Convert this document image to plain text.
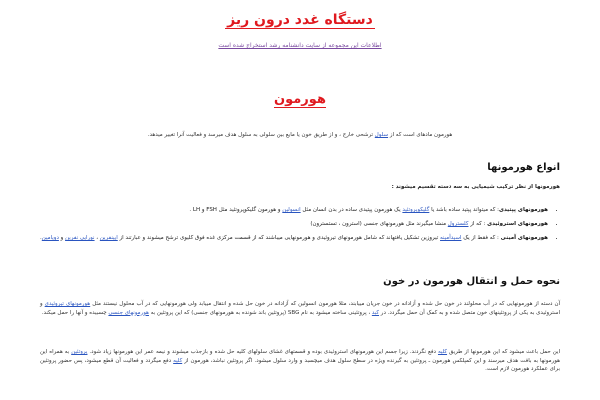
دستگاه غدد درون ریز
اطلاعات این مجموعه از سایت دانشنامه رشد استخراج شده است
هورمون

هورمون مادهای است که از سلول ترشحی خارج ، و از طریق خون یا مایع بین سلولی به سلول هدف میرسد و فعالیت آنرا تغییر میدهد.

انواع هورمونها
هورمونها از نظر ترکیب شیمیایی به سه دسته تقسیم میشوند :
• هورمونهای پپتیدی: که میتواند پپتید ساده باشد یا گلیکوپروتئید یک هورمون پپتیدی ساده در بدن انسان مثل انسولین و هورمون گلیکوپروتئید مثل FSH و LH .
• هورمونهای استروئیدی : که از کلسترول منشا میگیرند مثل هورمونهای جنسی (استرون ، تستسترون)
• هورمونهای آمینی : که فقط از یک اسیدآمینه تیروزین تشکیل یافتهاند که شامل هورمونهای تیروئیدی و هورمونهایی میباشند که از قسمت مرکزی غده فوق کلیوی ترشح میشوند و عبارتند از اپینفرین ، نوراپی نفرین و دوپامین.
نحوه حمل و انتقال هورمون در خون

آن دسته از هورمونهایی که در آب محلولند در خون حل شده و آزادانه در خون جریان مییابند، مثلا هورمون انسولین که آزادانه در خون حل شده و انتقال مییابد ولی هورمونهایی که در آب محلول نیستند مثل هورمونهای تیروئیدی و استروئیدی به یکی از پروتئینهای خون متصل شده و به کمک آن حمل میگردد. در کبد ، پروتئینی ساخته میشود به نام SBG (پروتئین باند شونده به هورمونهای جنسی) که این پروتئین به هورمونهای جنسی چسبیده و آنها را حمل میکند.

این حمل باعث میشود که این هورمونها از طریق کلیه دفع نگردند. زیرا جسم این هورمونهای استروئیدی بوده و قسمتهای غشای سلولهای کلیه حل شده و بازجذب میشوند و نیمه عمر این هورمونها زیاد شود. پروتئین به همراه این هورمونها به بافت هدف میرسند و این کمپلکس هورمون ـ پروتئین به گیرنده ویژه در سطح سلول هدف میچسبد و وارد سلول میشود. اگر پروتئین نباشد، هورمون از کلیه دفع میگردد و فعالیت آن قطع میشود، پس حضور پروتئین برای عملکرد هورمون لازم است.
